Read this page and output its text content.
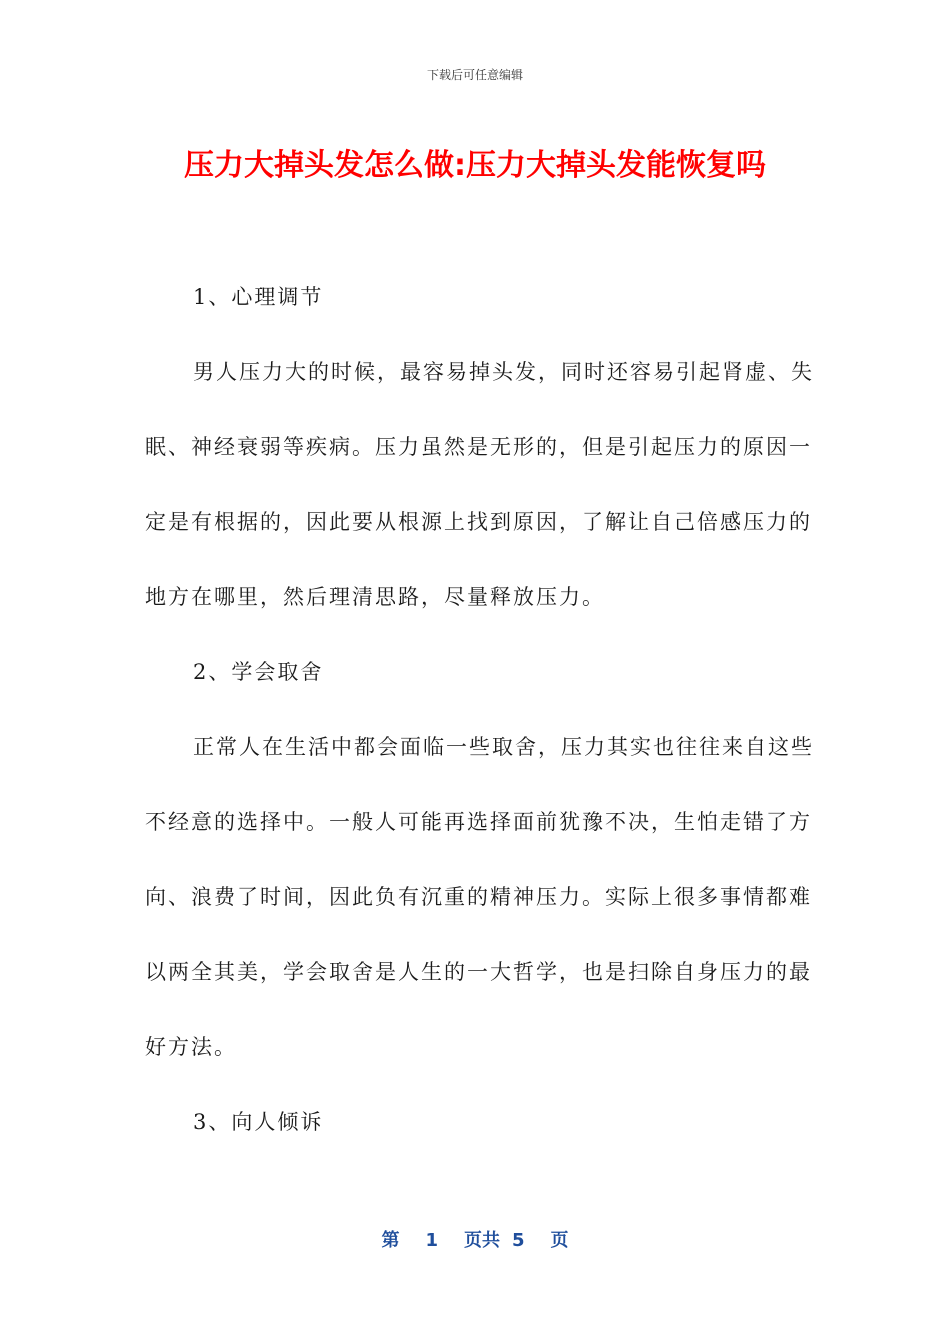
下载后可任意编辑
压力大掉头发怎么做:压力大掉头发能恢复吗

1、心理调节

男人压力大的时候，最容易掉头发，同时还容易引起肾虚、失眠、神经衰弱等疾病。压力虽然是无形的，但是引起压力的原因一定是有根据的，因此要从根源上找到原因，了解让自己倍感压力的地方在哪里，然后理清思路，尽量释放压力。

2、学会取舍

正常人在生活中都会面临一些取舍，压力其实也往往来自这些不经意的选择中。一般人可能再选择面前犹豫不决，生怕走错了方向、浪费了时间，因此负有沉重的精神压力。实际上很多事情都难以两全其美，学会取舍是人生的一大哲学，也是扫除自身压力的最好方法。

3、向人倾诉

第 1 页共 5 页
